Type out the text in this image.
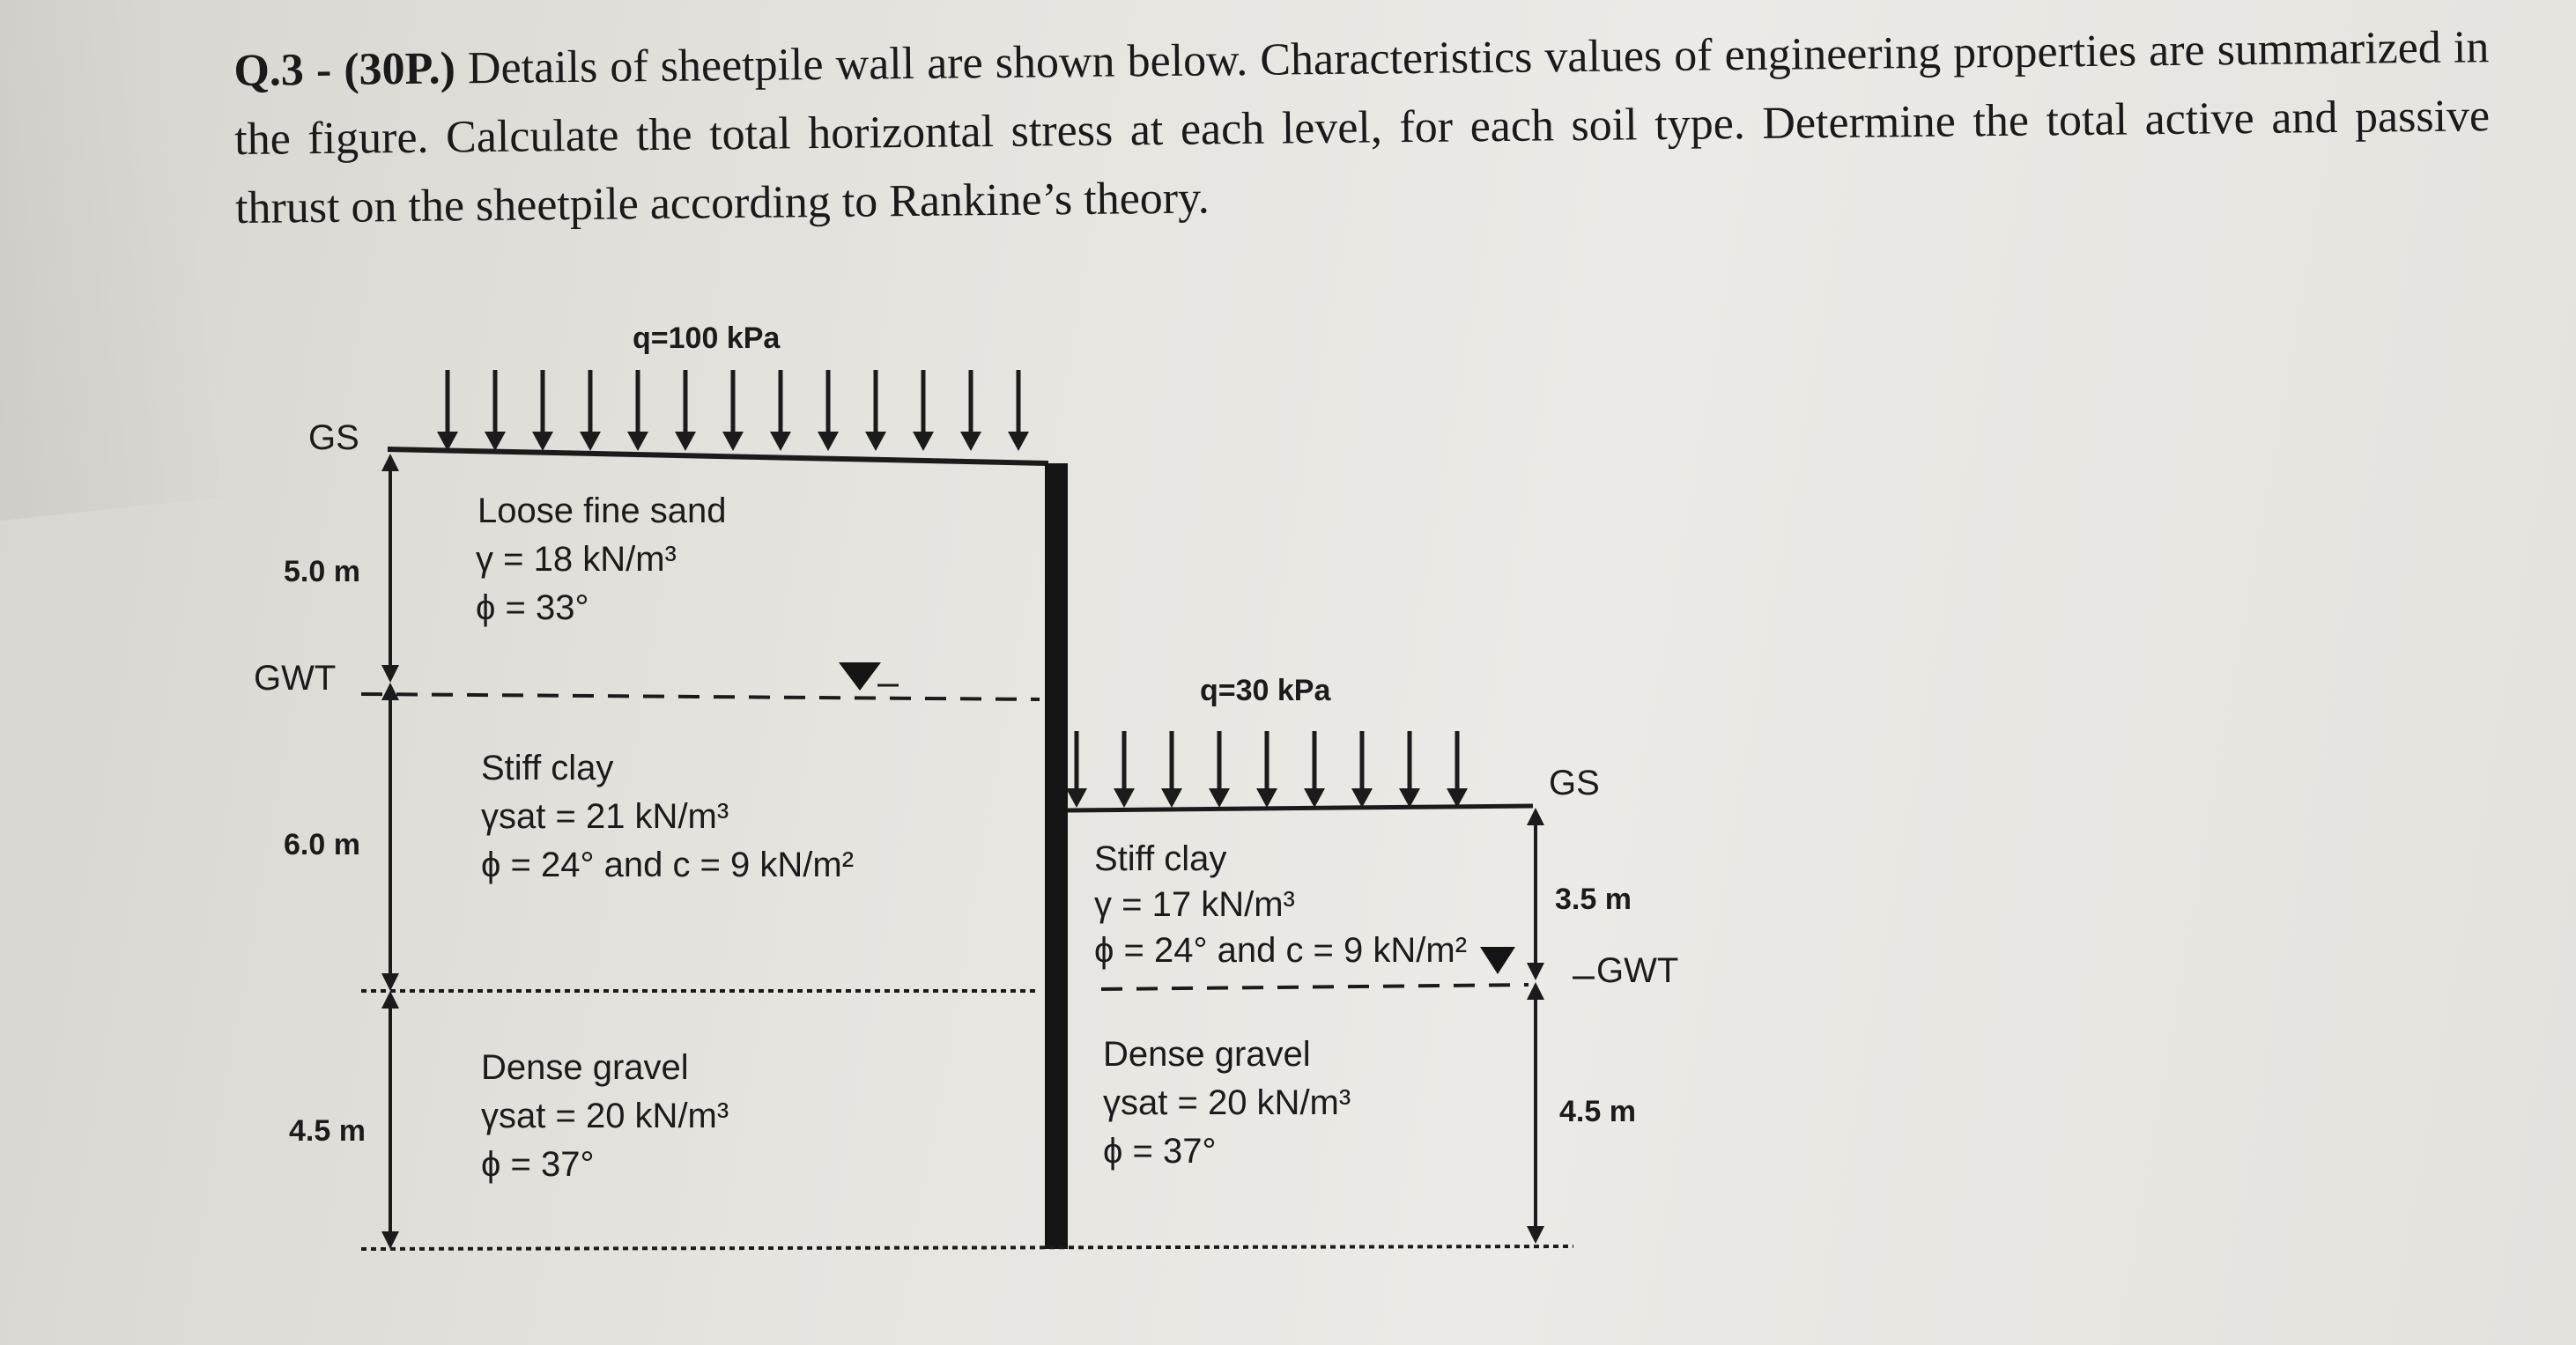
Q.3 - (30P.) Details of sheetpile wall are shown below. Characteristics values of engineering properties are summarized in the figure. Calculate the total horizontal stress at each level, for each soil type. Determine the total active and passive thrust on the sheetpile according to Rankine’s theory.
q=100 kPa
GS
5.0 m
6.0 m
4.5 m
GWT
Loose fine sand
γ = 18 kN/m³
ϕ = 33°
Stiff clay
γsat = 21 kN/m³
ϕ = 24° and c = 9 kN/m²
Dense gravel
γsat = 20 kN/m³
ϕ = 37°
q=30 kPa
GS
3.5 m
4.5 m
GWT
Stiff clay
γ = 17 kN/m³
ϕ = 24° and c = 9 kN/m²
Dense gravel
γsat = 20 kN/m³
ϕ = 37°
